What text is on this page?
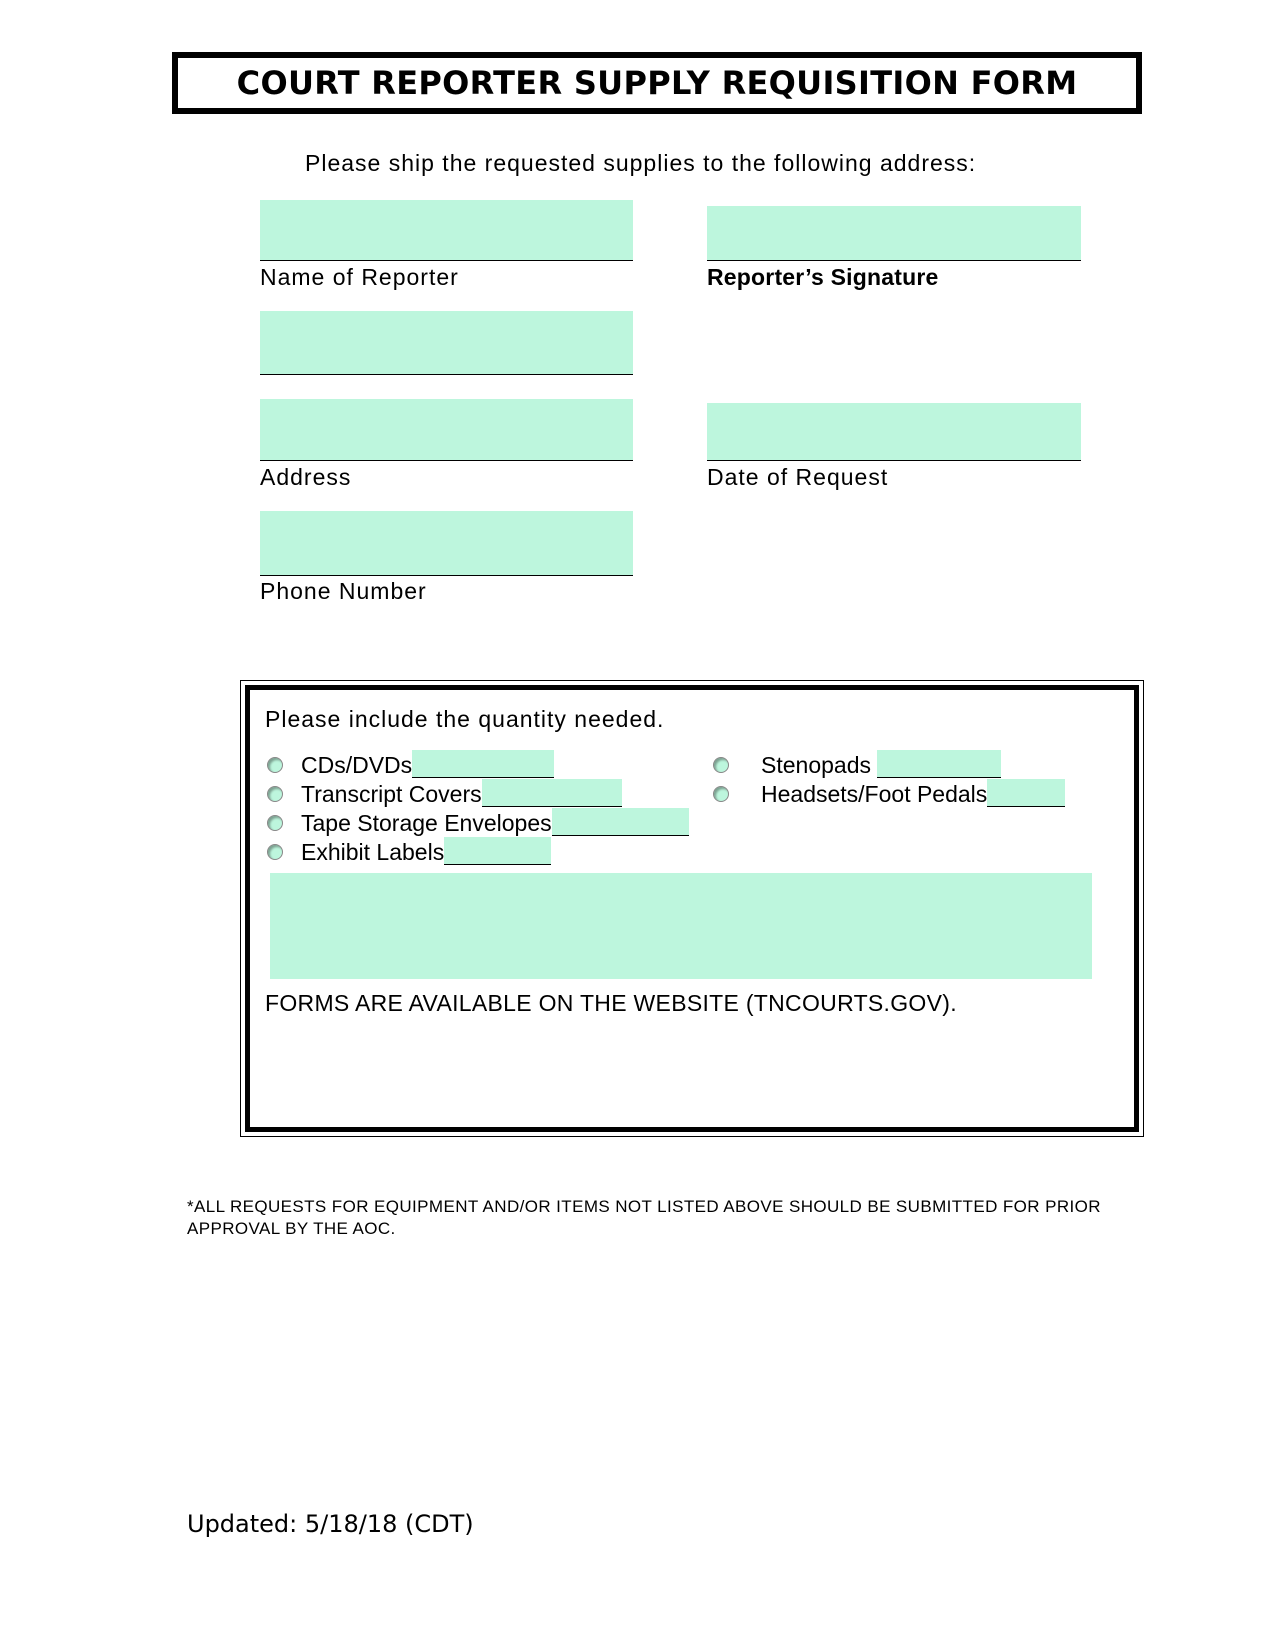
COURT REPORTER SUPPLY REQUISITION FORM
Please ship the requested supplies to the following address:
Name of Reporter
Address
Phone Number
Reporter’s Signature
Date of Request
Please include the quantity needed.
CDs/DVDs
Transcript Covers
Tape Storage Envelopes
Exhibit Labels
Stenopads
Headsets/Foot Pedals
FORMS ARE AVAILABLE ON THE WEBSITE (TNCOURTS.GOV).
*ALL REQUESTS FOR EQUIPMENT AND/OR ITEMS NOT LISTED ABOVE SHOULD BE SUBMITTED FOR PRIOR APPROVAL BY THE AOC.
Updated: 5/18/18 (CDT)
